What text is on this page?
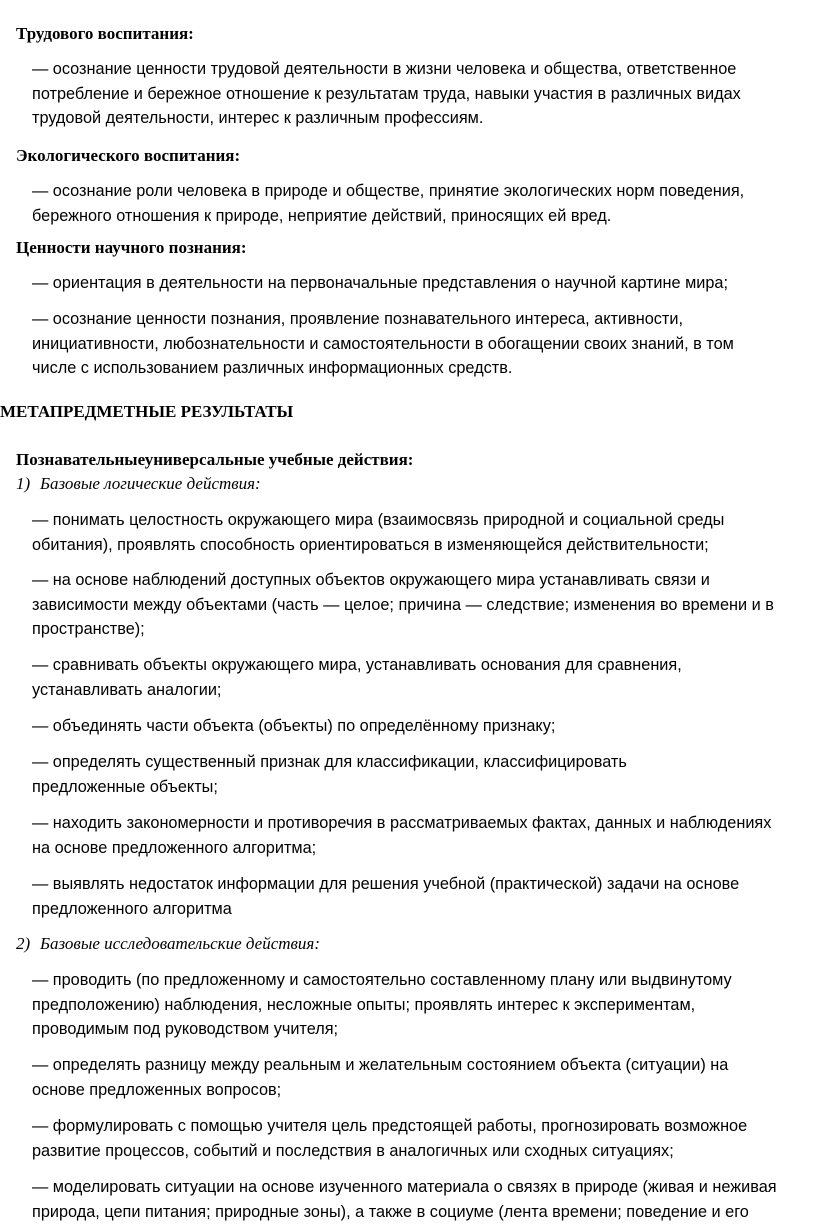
Трудового воспитания:
— осознание ценности трудовой деятельности в жизни человека и общества, ответственное
потребление и бережное отношение к результатам труда, навыки участия в различных видах
трудовой деятельности, интерес к различным профессиям.
Экологического воспитания:
— осознание роли человека в природе и обществе, принятие экологических норм поведения,
бережного отношения к природе, неприятие действий, приносящих ей вред.
Ценности научного познания:
— ориентация в деятельности на первоначальные представления о научной картине мира;
— осознание ценности познания, проявление познавательного интереса, активности,
инициативности, любознательности и самостоятельности в обогащении своих знаний, в том
числе с использованием различных информационных средств.
МЕТАПРЕДМЕТНЫЕ РЕЗУЛЬТАТЫ
Познавательныеуниверсальные учебные действия:
1) Базовые логические действия:
— понимать целостность окружающего мира (взаимосвязь природной и социальной среды
обитания), проявлять способность ориентироваться в изменяющейся действительности;
— на основе наблюдений доступных объектов окружающего мира устанавливать связи и
зависимости между объектами (часть — целое; причина — следствие; изменения во времени и в
пространстве);
— сравнивать объекты окружающего мира, устанавливать основания для сравнения,
устанавливать аналогии;
— объединять части объекта (объекты) по определённому признаку;
— определять существенный признак для классификации, классифицировать
предложенные объекты;
— находить закономерности и противоречия в рассматриваемых фактах, данных и наблюдениях
на основе предложенного алгоритма;
— выявлять недостаток информации для решения учебной (практической) задачи на основе
предложенного алгоритма
2) Базовые исследовательские действия:
— проводить (по предложенному и самостоятельно составленному плану или выдвинутому
предположению) наблюдения, несложные опыты; проявлять интерес к экспериментам,
проводимым под руководством учителя;
— определять разницу между реальным и желательным состоянием объекта (ситуации) на
основе предложенных вопросов;
— формулировать с помощью учителя цель предстоящей работы, прогнозировать возможное
развитие процессов, событий и последствия в аналогичных или сходных ситуациях;
— моделировать ситуации на основе изученного материала о связях в природе (живая и неживая
природа, цепи питания; природные зоны), а также в социуме (лента времени; поведение и его
